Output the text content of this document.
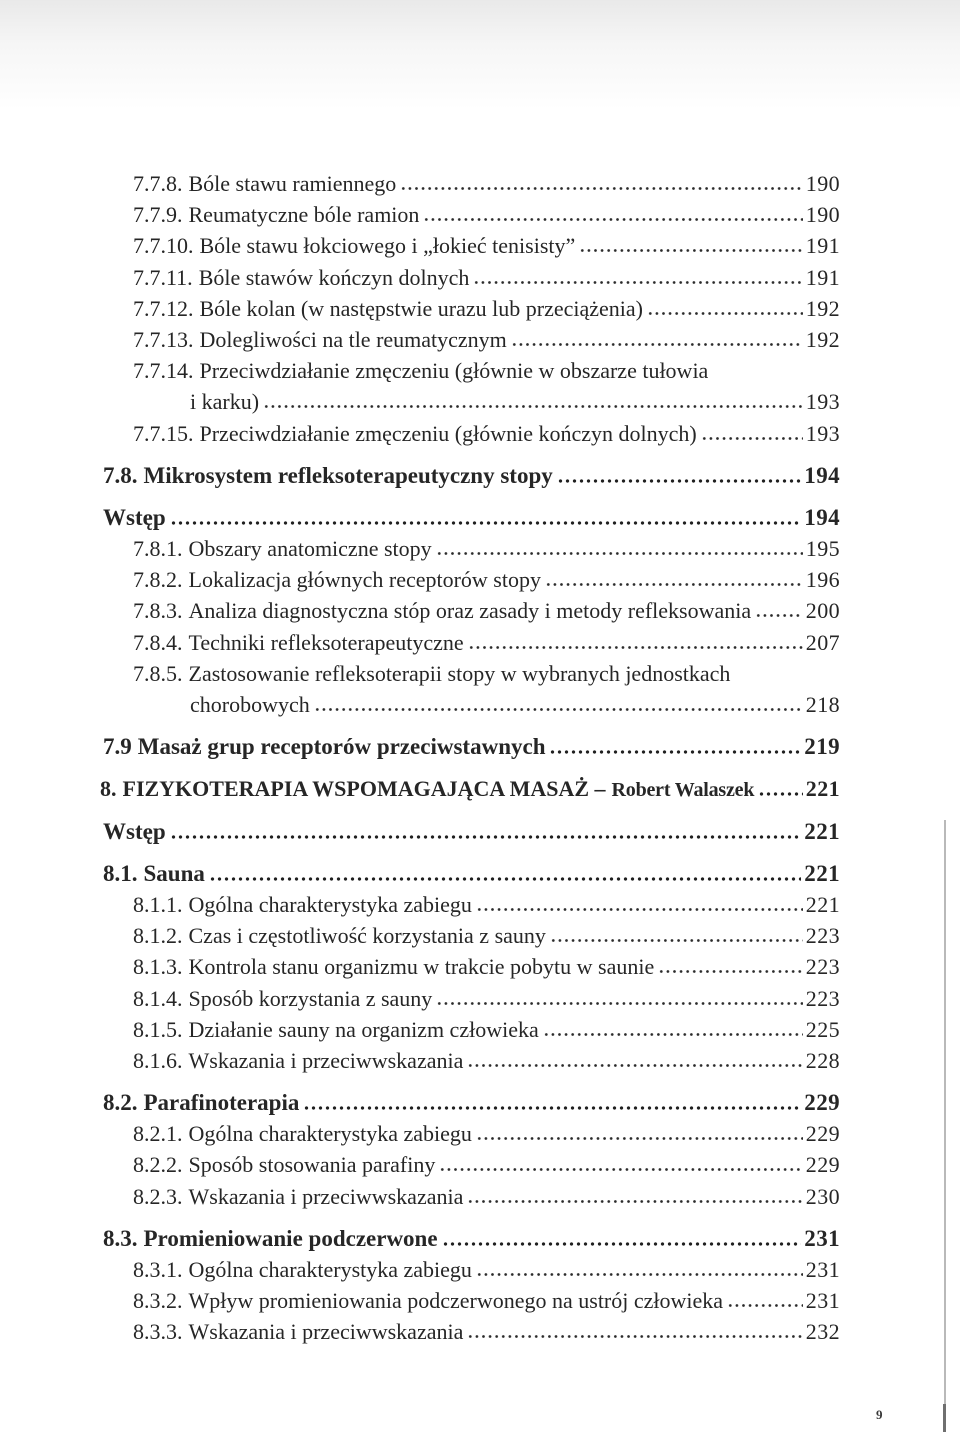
7.7.8. Bóle stawu ramiennego	190
7.7.9. Reumatyczne bóle ramion	190
7.7.10. Bóle stawu łokciowego i „łokieć tenisisty”	191
7.7.11. Bóle stawów kończyn dolnych	191
7.7.12. Bóle kolan (w następstwie urazu lub przeciążenia)	192
7.7.13. Dolegliwości na tle reumatycznym	192
7.7.14. Przeciwdziałanie zmęczeniu (głównie w obszarze tułowia
i karku)	193
7.7.15. Przeciwdziałanie zmęczeniu (głównie kończyn dolnych)	193
7.8. Mikrosystem refleksoterapeutyczny stopy	194
Wstęp	194
7.8.1. Obszary anatomiczne stopy	195
7.8.2. Lokalizacja głównych receptorów stopy	196
7.8.3. Analiza diagnostyczna stóp oraz zasady i metody refleksowania 200
7.8.4. Techniki refleksoterapeutyczne	207
7.8.5. Zastosowanie refleksoterapii stopy w wybranych jednostkach
chorobowych	218
7.9 Masaż grup receptorów przeciwstawnych	219
8. FIZYKOTERAPIA WSPOMAGAJĄCA MASAŻ – Robert Walaszek 221
Wstęp	221
8.1. Sauna	221
8.1.1. Ogólna charakterystyka zabiegu	221
8.1.2. Czas i częstotliwość korzystania z sauny	223
8.1.3. Kontrola stanu organizmu w trakcie pobytu w saunie	223
8.1.4. Sposób korzystania z sauny	223
8.1.5. Działanie sauny na organizm człowieka	225
8.1.6. Wskazania i przeciwwskazania	228
8.2. Parafinoterapia	229
8.2.1. Ogólna charakterystyka zabiegu	229
8.2.2. Sposób stosowania parafiny	229
8.2.3. Wskazania i przeciwwskazania	230
8.3. Promieniowanie podczerwone	231
8.3.1. Ogólna charakterystyka zabiegu	231
8.3.2. Wpływ promieniowania podczerwonego na ustrój człowieka	231
8.3.3. Wskazania i przeciwwskazania	232
9
